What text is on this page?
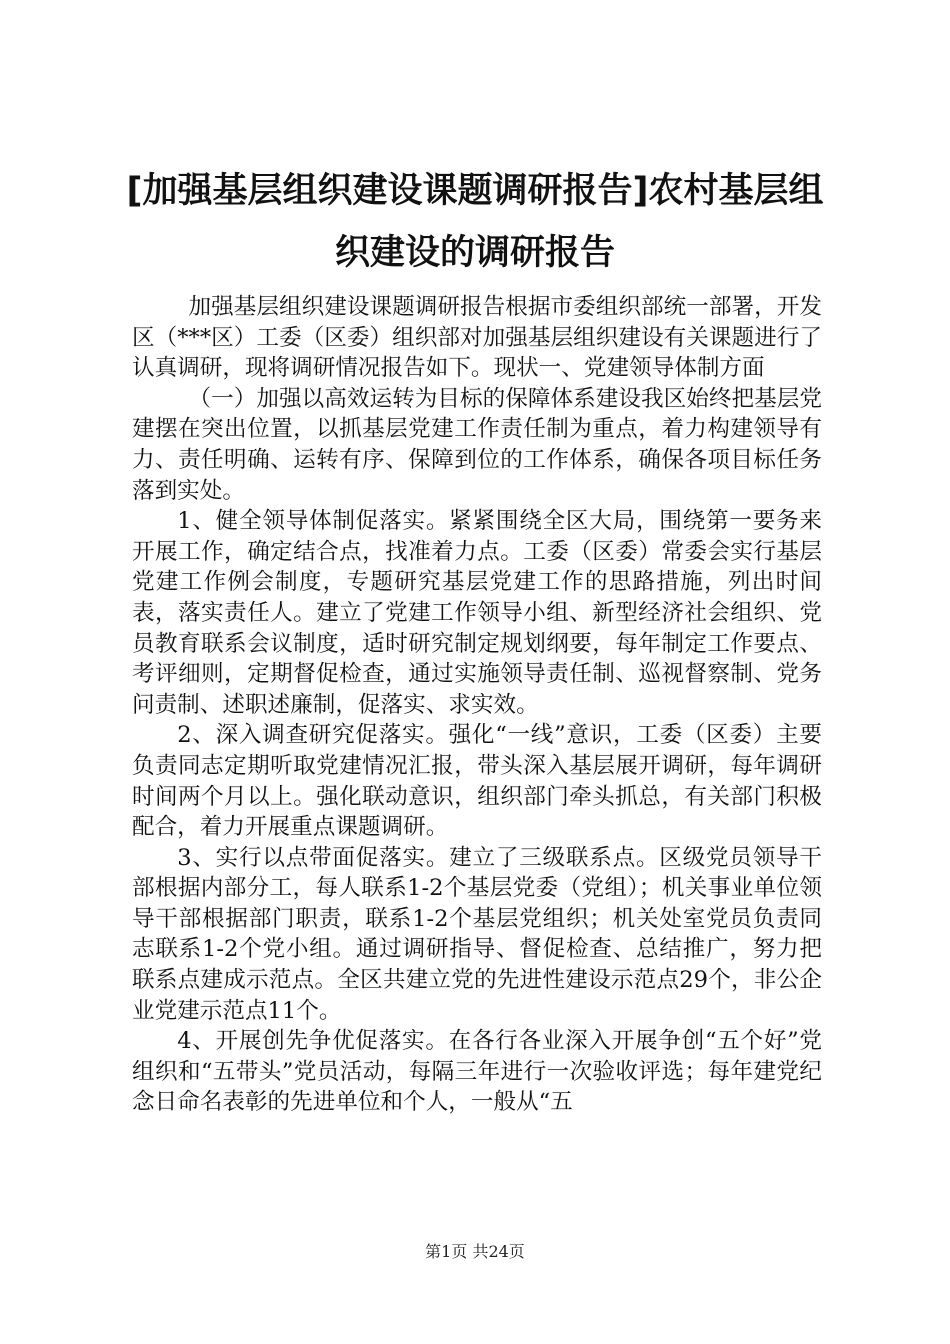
[加强基层组织建设课题调研报告]农村基层组织建设的调研报告

加强基层组织建设课题调研报告根据市委组织部统一部署，开发区（***区）工委（区委）组织部对加强基层组织建设有关课题进行了认真调研，现将调研情况报告如下。现状一、党建领导体制方面

（一）加强以高效运转为目标的保障体系建设我区始终把基层党建摆在突出位置，以抓基层党建工作责任制为重点，着力构建领导有力、责任明确、运转有序、保障到位的工作体系，确保各项目标任务落到实处。

1、健全领导体制促落实。紧紧围绕全区大局，围绕第一要务来开展工作，确定结合点，找准着力点。工委（区委）常委会实行基层党建工作例会制度，专题研究基层党建工作的思路措施，列出时间表，落实责任人。建立了党建工作领导小组、新型经济社会组织、党员教育联系会议制度，适时研究制定规划纲要，每年制定工作要点、考评细则，定期督促检查，通过实施领导责任制、巡视督察制、党务问责制、述职述廉制，促落实、求实效。

2、深入调查研究促落实。强化“一线”意识，工委（区委）主要负责同志定期听取党建情况汇报，带头深入基层展开调研，每年调研时间两个月以上。强化联动意识，组织部门牵头抓总，有关部门积极配合，着力开展重点课题调研。

3、实行以点带面促落实。建立了三级联系点。区级党员领导干部根据内部分工，每人联系1-2个基层党委（党组）；机关事业单位领导干部根据部门职责，联系1-2个基层党组织；机关处室党员负责同志联系1-2个党小组。通过调研指导、督促检查、总结推广，努力把联系点建成示范点。全区共建立党的先进性建设示范点29个，非公企业党建示范点11个。

4、开展创先争优促落实。在各行各业深入开展争创“五个好”党组织和“五带头”党员活动，每隔三年进行一次验收评选；每年建党纪念日命名表彰的先进单位和个人，一般从“五

第1页 共24页
